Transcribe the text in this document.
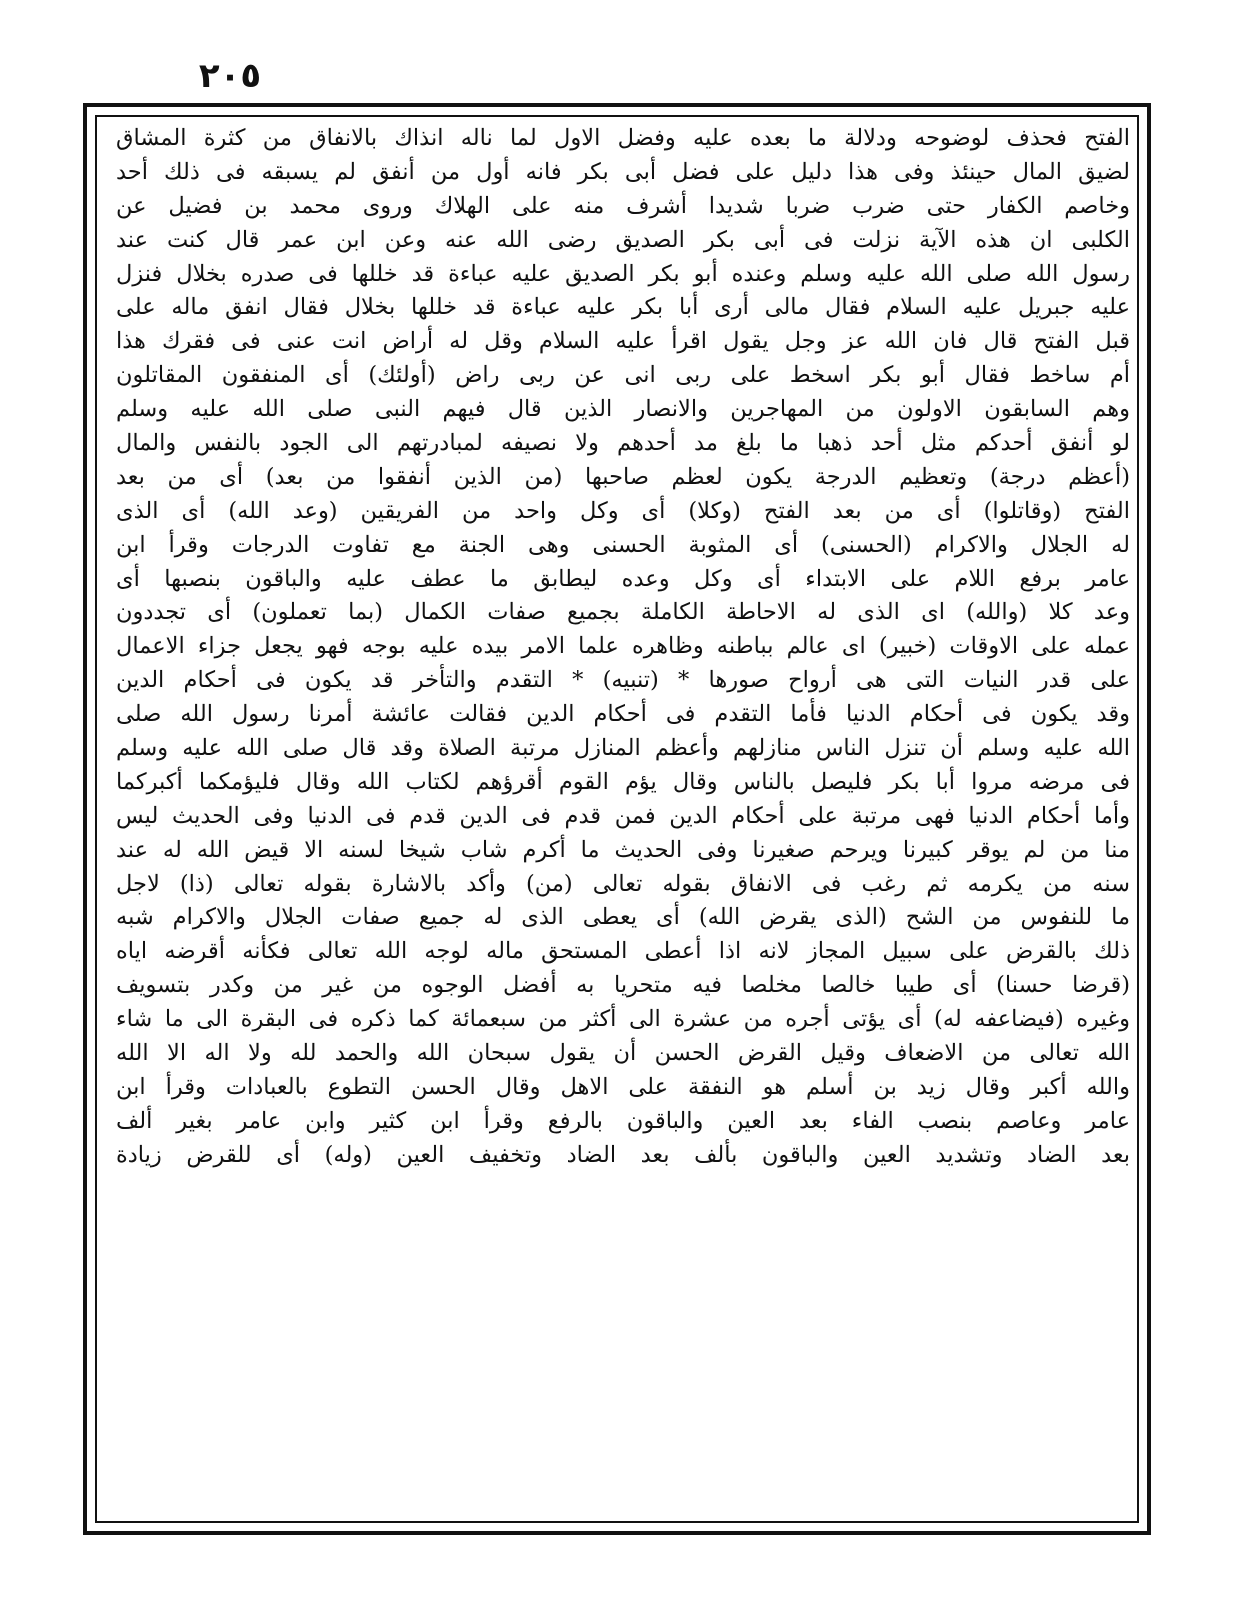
٢٠٥
الفتح فحذف لوضوحه ودلالة ما بعده عليه وفضل الاول لما ناله انذاك بالانفاق من كثرة المشاق
لضيق المال حينئذ وفى هذا دليل على فضل أبى بكر فانه أول من أنفق لم يسبقه فى ذلك أحد
وخاصم الكفار حتى ضرب ضربا شديدا أشرف منه على الهلاك وروى محمد بن فضيل عن
الكلبى ان هذه الآية نزلت فى أبى بكر الصديق رضى الله عنه وعن ابن عمر قال كنت عند
رسول الله صلى الله عليه وسلم وعنده أبو بكر الصديق عليه عباءة قد خللها فى صدره بخلال فنزل
عليه جبريل عليه السلام فقال مالى أرى أبا بكر عليه عباءة قد خللها بخلال فقال انفق ماله على
قبل الفتح قال فان الله عز وجل يقول اقرأ عليه السلام وقل له أراض انت عنى فى فقرك هذا
أم ساخط فقال أبو بكر اسخط على ربى انى عن ربى راض (أولئك) أى المنفقون المقاتلون
وهم السابقون الاولون من المهاجرين والانصار الذين قال فيهم النبى صلى الله عليه وسلم
لو أنفق أحدكم مثل أحد ذهبا ما بلغ مد أحدهم ولا نصيفه لمبادرتهم الى الجود بالنفس والمال
(أعظم درجة) وتعظيم الدرجة يكون لعظم صاحبها (من الذين أنفقوا من بعد) أى من بعد
الفتح (وقاتلوا) أى من بعد الفتح (وكلا) أى وكل واحد من الفريقين (وعد الله) أى الذى
له الجلال والاكرام (الحسنى) أى المثوبة الحسنى وهى الجنة مع تفاوت الدرجات وقرأ ابن
عامر برفع اللام على الابتداء أى وكل وعده ليطابق ما عطف عليه والباقون بنصبها أى
وعد كلا (والله) اى الذى له الاحاطة الكاملة بجميع صفات الكمال (بما تعملون) أى تجددون
عمله على الاوقات (خبير) اى عالم بباطنه وظاهره علما الامر بيده عليه بوجه فهو يجعل جزاء الاعمال
على قدر النيات التى هى أرواح صورها * (تنبيه) * التقدم والتأخر قد يكون فى أحكام الدين
وقد يكون فى أحكام الدنيا فأما التقدم فى أحكام الدين فقالت عائشة أمرنا رسول الله صلى
الله عليه وسلم أن تنزل الناس منازلهم وأعظم المنازل مرتبة الصلاة وقد قال صلى الله عليه وسلم
فى مرضه مروا أبا بكر فليصل بالناس وقال يؤم القوم أقرؤهم لكتاب الله وقال فليؤمكما أكبركما
وأما أحكام الدنيا فهى مرتبة على أحكام الدين فمن قدم فى الدين قدم فى الدنيا وفى الحديث ليس
منا من لم يوقر كبيرنا ويرحم صغيرنا وفى الحديث ما أكرم شاب شيخا لسنه الا قيض الله له عند
سنه من يكرمه ثم رغب فى الانفاق بقوله تعالى (من) وأكد بالاشارة بقوله تعالى (ذا) لاجل
ما للنفوس من الشح (الذى يقرض الله) أى يعطى الذى له جميع صفات الجلال والاكرام شبه
ذلك بالقرض على سبيل المجاز لانه اذا أعطى المستحق ماله لوجه الله تعالى فكأنه أقرضه اياه
(قرضا حسنا) أى طيبا خالصا مخلصا فيه متحريا به أفضل الوجوه من غير من وكدر بتسويف
وغيره (فيضاعفه له) أى يؤتى أجره من عشرة الى أكثر من سبعمائة كما ذكره فى البقرة الى ما شاء
الله تعالى من الاضعاف وقيل القرض الحسن أن يقول سبحان الله والحمد لله ولا اله الا الله
والله أكبر وقال زيد بن أسلم هو النفقة على الاهل وقال الحسن التطوع بالعبادات وقرأ ابن
عامر وعاصم بنصب الفاء بعد العين والباقون بالرفع وقرأ ابن كثير وابن عامر بغير ألف
بعد الضاد وتشديد العين والباقون بألف بعد الضاد وتخفيف العين (وله) أى للقرض زيادة
